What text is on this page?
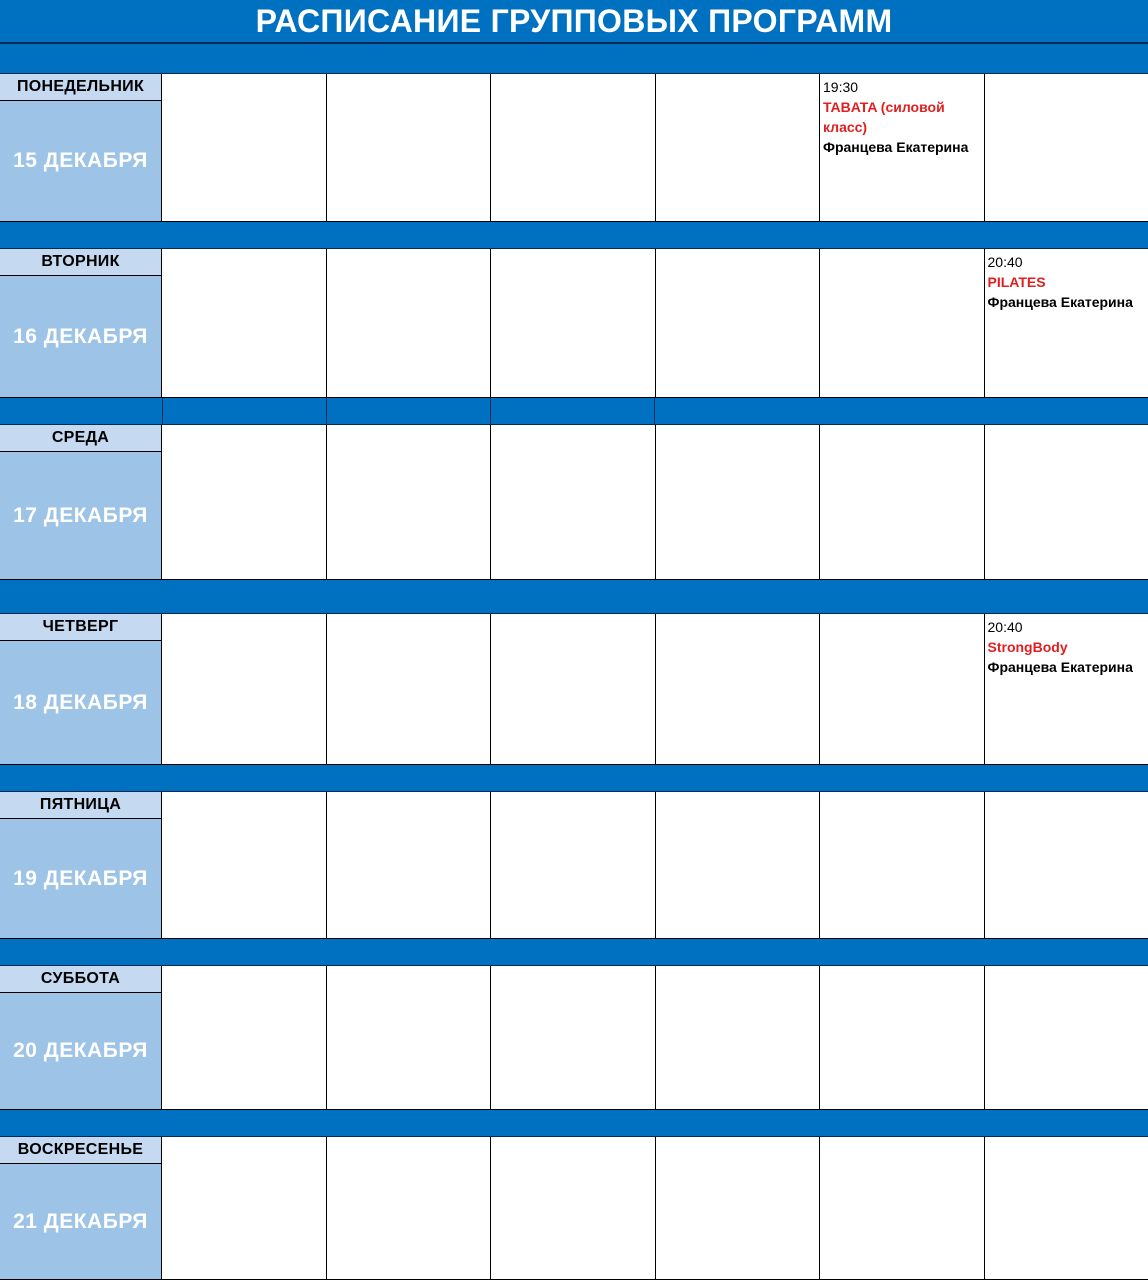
РАСПИСАНИЕ ГРУППОВЫХ ПРОГРАММ
ПОНЕДЕЛЬНИК
15 ДЕКАБРЯ
19:30
TABATA (силовой класс)
Францева Екатерина
ВТОРНИК
16 ДЕКАБРЯ
20:40
PILATES
Францева Екатерина
СРЕДА
17 ДЕКАБРЯ
ЧЕТВЕРГ
18 ДЕКАБРЯ
20:40
StrongBody
Францева Екатерина
ПЯТНИЦА
19 ДЕКАБРЯ
СУББОТА
20 ДЕКАБРЯ
ВОСКРЕСЕНЬЕ
21 ДЕКАБРЯ
